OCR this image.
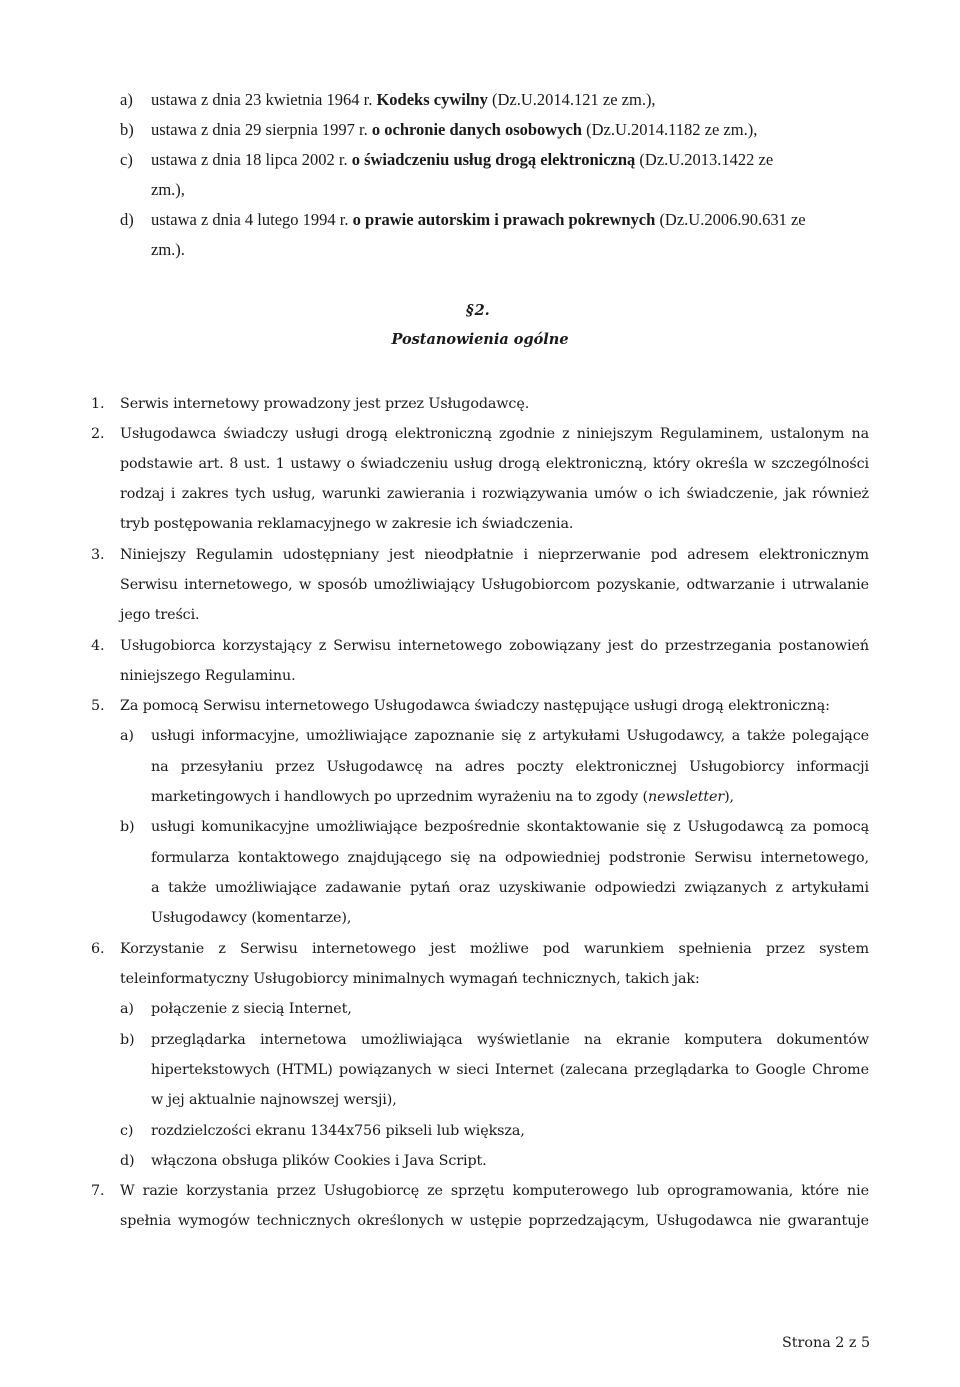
a) ustawa z dnia 23 kwietnia 1964 r. Kodeks cywilny (Dz.U.2014.121 ze zm.),
b) ustawa z dnia 29 sierpnia 1997 r. o ochronie danych osobowych (Dz.U.2014.1182 ze zm.),
c) ustawa z dnia 18 lipca 2002 r. o świadczeniu usług drogą elektroniczną (Dz.U.2013.1422 ze
zm.),
d) ustawa z dnia 4 lutego 1994 r. o prawie autorskim i prawach pokrewnych (Dz.U.2006.90.631 ze
zm.).
§2.
Postanowienia ogólne
1. Serwis internetowy prowadzony jest przez Usługodawcę.
2. Usługodawca świadczy usługi drogą elektroniczną zgodnie z niniejszym Regulaminem, ustalonym na
podstawie art. 8 ust. 1 ustawy o świadczeniu usług drogą elektroniczną, który określa w szczególności
rodzaj i zakres tych usług, warunki zawierania i rozwiązywania umów o ich świadczenie, jak również
tryb postępowania reklamacyjnego w zakresie ich świadczenia.
3. Niniejszy Regulamin udostępniany jest nieodpłatnie i nieprzerwanie pod adresem elektronicznym
Serwisu internetowego, w sposób umożliwiający Usługobiorcom pozyskanie, odtwarzanie i utrwalanie
jego treści.
4. Usługobiorca korzystający z Serwisu internetowego zobowiązany jest do przestrzegania postanowień
niniejszego Regulaminu.
5. Za pomocą Serwisu internetowego Usługodawca świadczy następujące usługi drogą elektroniczną:
a) usługi informacyjne, umożliwiające zapoznanie się z artykułami Usługodawcy, a także polegające
na przesyłaniu przez Usługodawcę na adres poczty elektronicznej Usługobiorcy informacji
marketingowych i handlowych po uprzednim wyrażeniu na to zgody (newsletter),
b) usługi komunikacyjne umożliwiające bezpośrednie skontaktowanie się z Usługodawcą za pomocą
formularza kontaktowego znajdującego się na odpowiedniej podstronie Serwisu internetowego,
a także umożliwiające zadawanie pytań oraz uzyskiwanie odpowiedzi związanych z artykułami
Usługodawcy (komentarze),
6. Korzystanie z Serwisu internetowego jest możliwe pod warunkiem spełnienia przez system
teleinformatyczny Usługobiorcy minimalnych wymagań technicznych, takich jak:
a) połączenie z siecią Internet,
b) przeglądarka internetowa umożliwiająca wyświetlanie na ekranie komputera dokumentów
hipertekstowych (HTML) powiązanych w sieci Internet (zalecana przeglądarka to Google Chrome
w jej aktualnie najnowszej wersji),
c) rozdzielczości ekranu 1344x756 pikseli lub większa,
d) włączona obsługa plików Cookies i Java Script.
7. W razie korzystania przez Usługobiorcę ze sprzętu komputerowego lub oprogramowania, które nie
spełnia wymogów technicznych określonych w ustępie poprzedzającym, Usługodawca nie gwarantuje
Strona 2 z 5
